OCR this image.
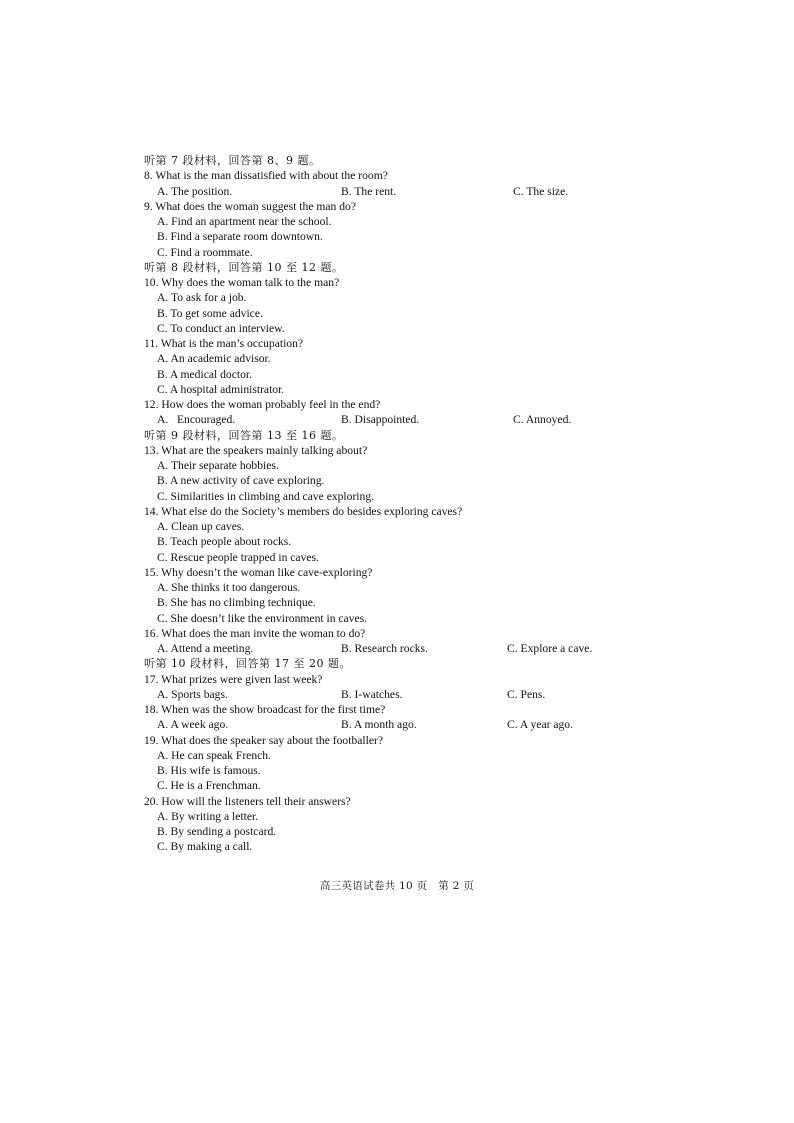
听第 7 段材料，回答第 8、9 题。
8. What is the man dissatisfied with about the room?
A. The position.	B. The rent.	C. The size.
9. What does the woman suggest the man do?
A. Find an apartment near the school.
B. Find a separate room downtown.
C. Find a roommate.
听第 8 段材料，回答第 10 至 12 题。
10. Why does the woman talk to the man?
A. To ask for a job.
B. To get some advice.
C. To conduct an interview.
11. What is the man’s occupation?
A. An academic advisor.
B. A medical doctor.
C. A hospital administrator.
12. How does the woman probably feel in the end?
A.   Encouraged.	B. Disappointed.	C. Annoyed.
听第 9 段材料，回答第 13 至 16 题。
13. What are the speakers mainly talking about?
A. Their separate hobbies.
B. A new activity of cave exploring.
C. Similarities in climbing and cave exploring.
14. What else do the Society’s members do besides exploring caves?
A. Clean up caves.
B. Teach people about rocks.
C. Rescue people trapped in caves.
15. Why doesn’t the woman like cave-exploring?
A. She thinks it too dangerous.
B. She has no climbing technique.
C. She doesn’t like the environment in caves.
16. What does the man invite the woman to do?
A. Attend a meeting.	B. Research rocks.	C. Explore a cave.
听第 10 段材料，回答第 17 至 20 题。
17. What prizes were given last week?
A. Sports bags.	B. I-watches.	C. Pens.
18. When was the show broadcast for the first time?
A. A week ago.	B. A month ago.	C. A year ago.
19. What does the speaker say about the footballer?
A. He can speak French.
B. His wife is famous.
C. He is a Frenchman.
20. How will the listeners tell their answers?
A. By writing a letter.
B. By sending a postcard.
C. By making a call.
高三英语试卷共 10 页　第 2 页
